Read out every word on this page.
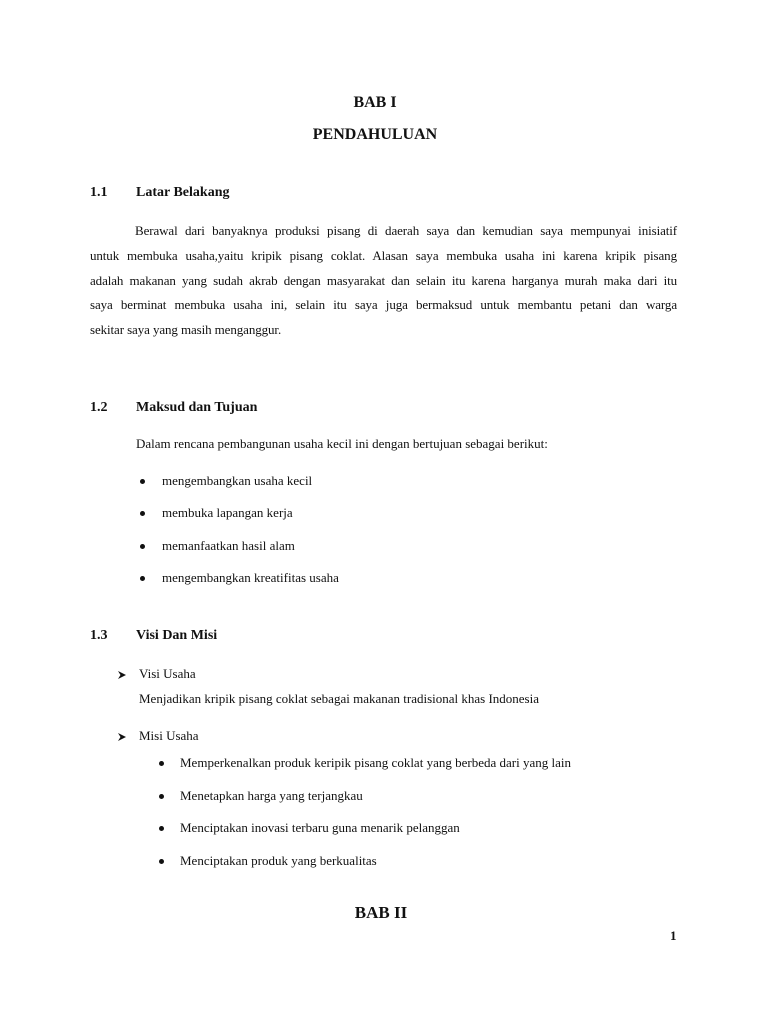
BAB I
PENDAHULUAN
1.1 Latar Belakang
Berawal dari banyaknya produksi pisang di daerah saya dan kemudian saya mempunyai inisiatif
untuk membuka usaha,yaitu kripik pisang coklat. Alasan saya membuka usaha ini karena kripik pisang
adalah makanan yang sudah akrab dengan masyarakat dan selain itu karena harganya murah maka dari itu
saya berminat membuka usaha ini, selain itu saya juga bermaksud untuk membantu petani dan warga
sekitar saya yang masih menganggur.
1.2 Maksud dan Tujuan
Dalam rencana pembangunan usaha kecil ini dengan bertujuan sebagai berikut:
mengembangkan usaha kecil
membuka lapangan kerja
memanfaatkan hasil alam
mengembangkan kreatifitas usaha
1.3 Visi Dan Misi
Visi Usaha
Menjadikan kripik pisang coklat sebagai makanan tradisional khas Indonesia
Misi Usaha
Memperkenalkan produk keripik pisang coklat yang berbeda dari yang lain
Menetapkan harga yang terjangkau
Menciptakan inovasi terbaru guna menarik pelanggan
Menciptakan produk yang berkualitas
BAB II
1
